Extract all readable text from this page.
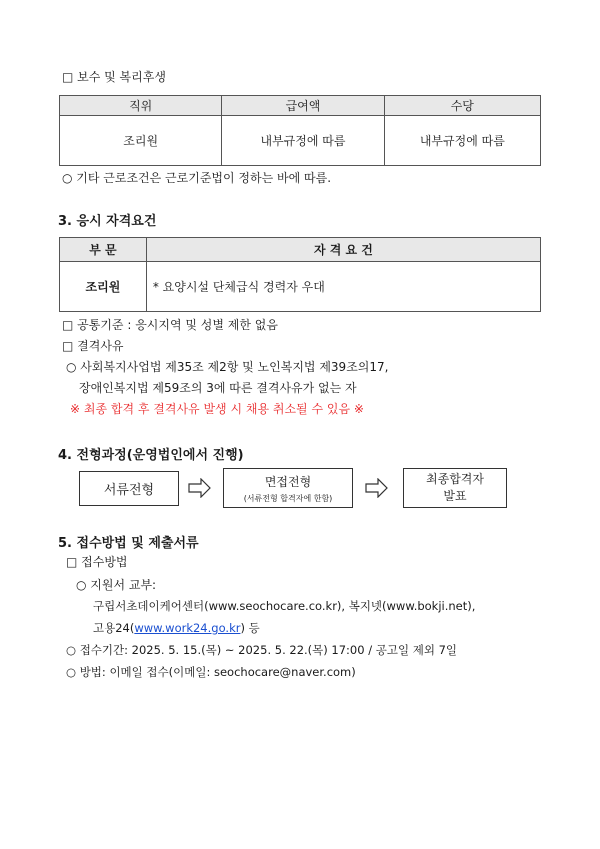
□ 보수 및 복리후생
직위	급여액	수당
조리원	내부규정에 따름	내부규정에 따름
○ 기타 근로조건은 근로기준법이 정하는 바에 따름.
3. 응시 자격요건
부 문	자 격 요 건
조리원	* 요양시설 단체급식 경력자 우대
□ 공통기준 : 응시지역 및 성별 제한 없음
□ 결격사유
○ 사회복지사업법 제35조 제2항 및 노인복지법 제39조의17,
장애인복지법 제59조의 3에 따른 결격사유가 없는 자
※ 최종 합격 후 결격사유 발생 시 채용 취소될 수 있음 ※
4. 전형과정(운영법인에서 진행)
서류전형
면접전형
(서류전형 합격자에 한함)
최종합격자
발표
5. 접수방법 및 제출서류
□ 접수방법
○ 지원서 교부:
구립서초데이케어센터(www.seochocare.co.kr), 복지넷(www.bokji.net),
고용24(www.work24.go.kr) 등
○ 접수기간: 2025. 5. 15.(목) ~ 2025. 5. 22.(목) 17:00 / 공고일 제외 7일
○ 방법: 이메일 접수(이메일: seochocare@naver.com)
